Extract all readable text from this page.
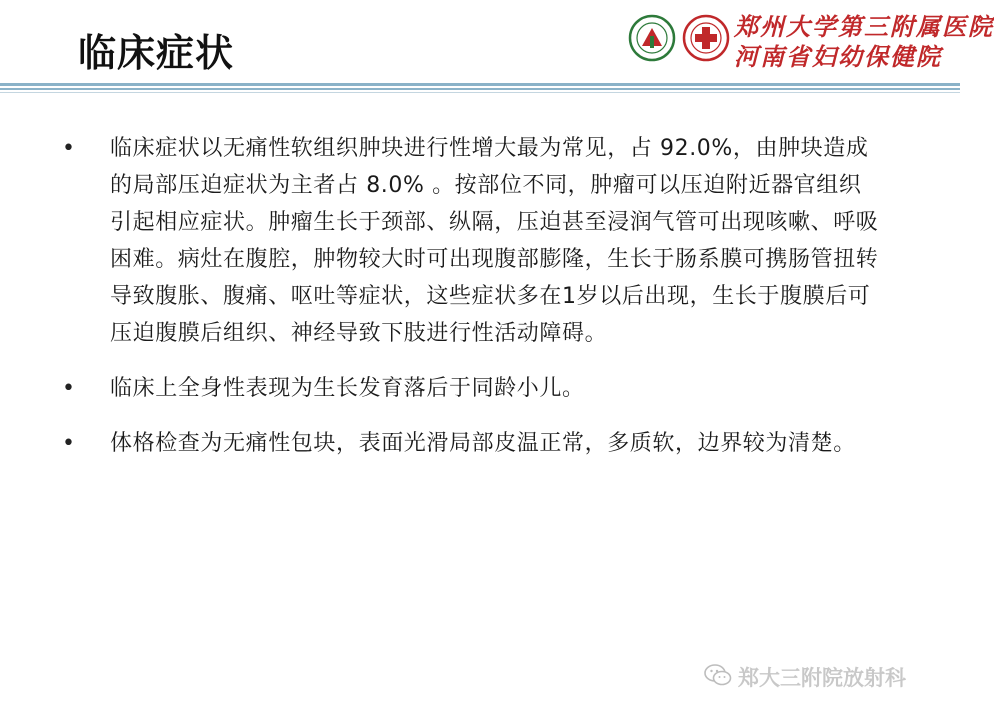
临床症状
郑州大学第三附属医院
河南省妇幼保健院
• 临床症状以无痛性软组织肿块进行性增大最为常见，占 92.0%，由肿块造成的局部压迫症状为主者占 8.0% 。按部位不同，肿瘤可以压迫附近器官组织引起相应症状。肿瘤生长于颈部、纵隔，压迫甚至浸润气管可出现咳嗽、呼吸困难。病灶在腹腔，肿物较大时可出现腹部膨隆，生长于肠系膜可携肠管扭转导致腹胀、腹痛、呕吐等症状，这些症状多在1岁以后出现，生长于腹膜后可压迫腹膜后组织、神经导致下肢进行性活动障碍。
• 临床上全身性表现为生长发育落后于同龄小儿。
• 体格检查为无痛性包块，表面光滑局部皮温正常，多质软，边界较为清楚。
郑大三附院放射科
